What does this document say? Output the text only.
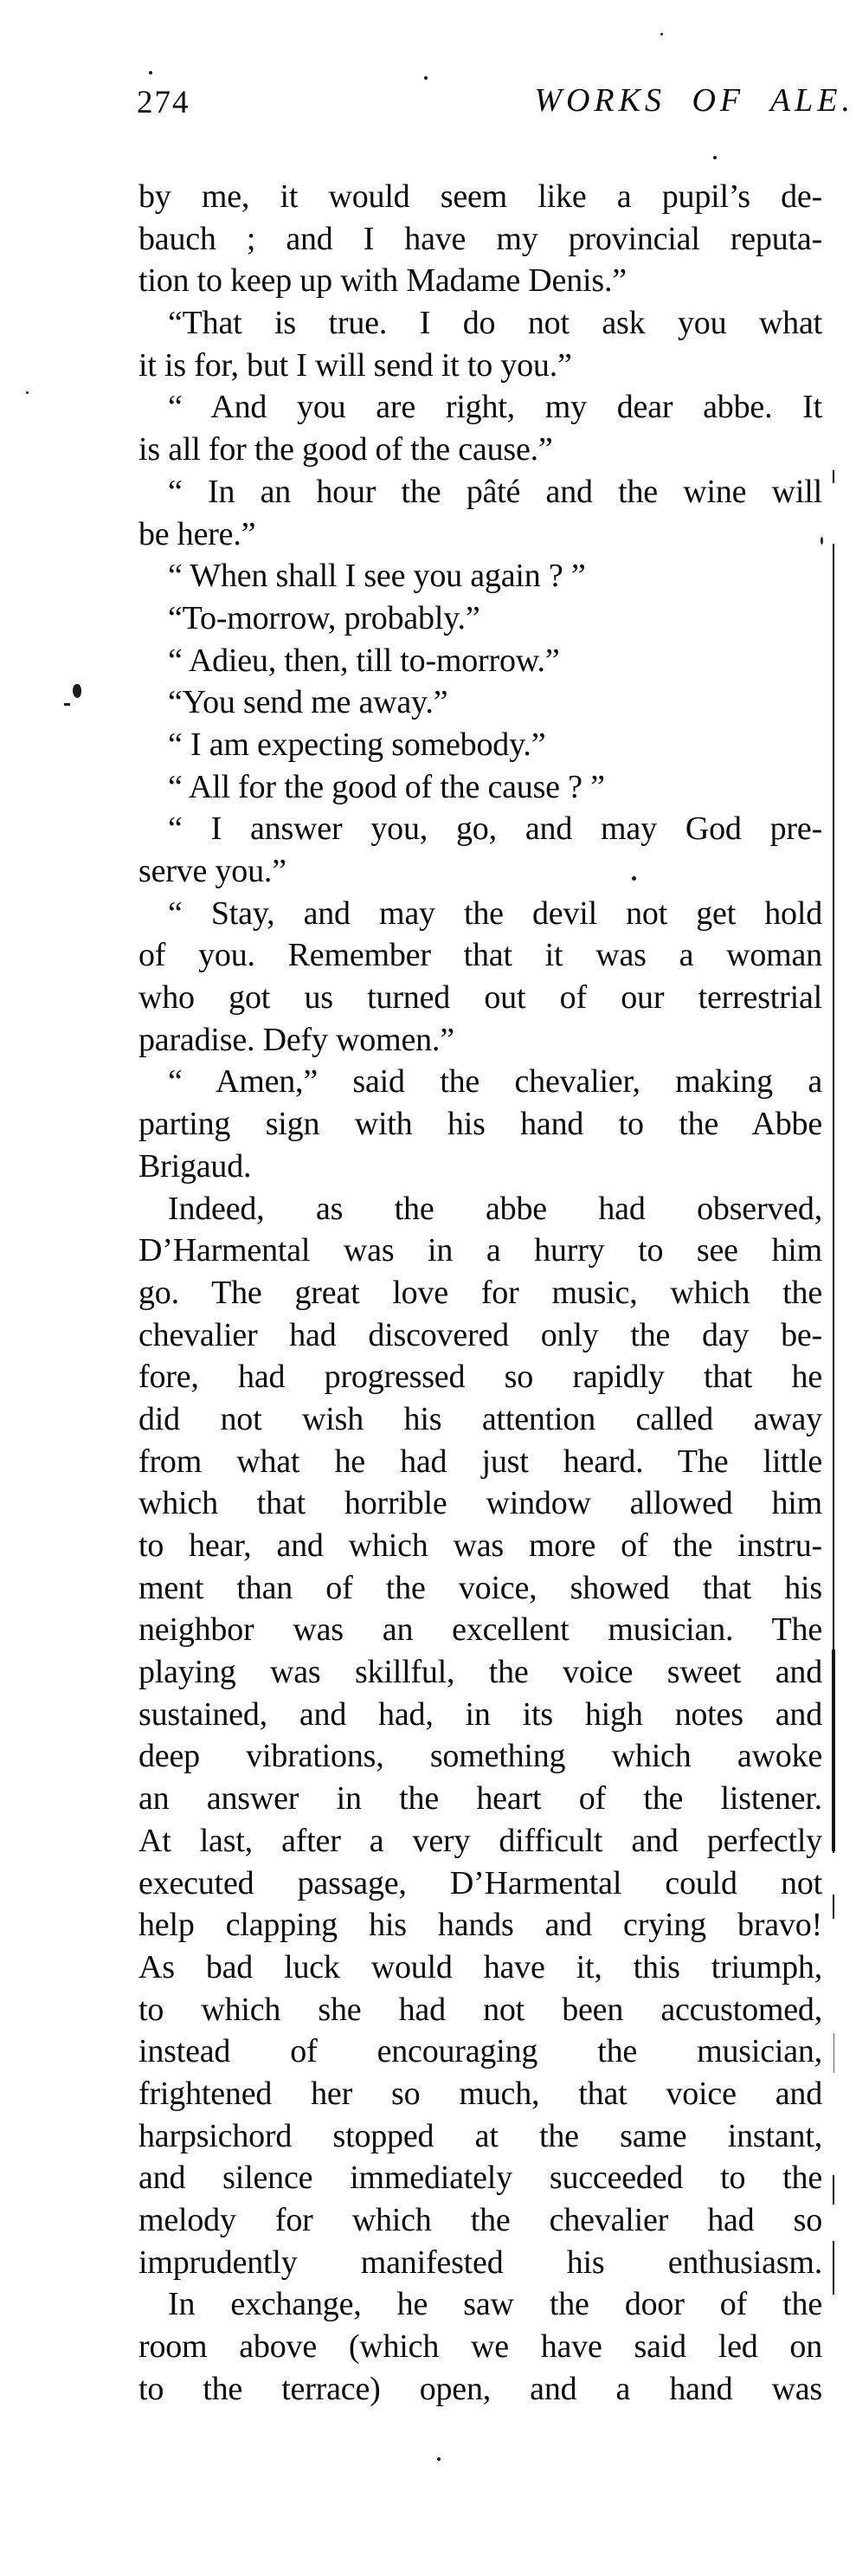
274	WORKS OF ALE.
by me, it would seem like a pupil’s de-
bauch ; and I have my provincial reputa-
tion to keep up with Madame Denis.”
“That is true. I do not ask you what
it is for, but I will send it to you.”
“ And you are right, my dear abbe. It
is all for the good of the cause.”
“ In an hour the pâté and the wine will
be here.”
“ When shall I see you again ? ”
“To-morrow, probably.”
“ Adieu, then, till to-morrow.”
“You send me away.”
“ I am expecting somebody.”
“ All for the good of the cause ? ”
“ I answer you, go, and may God pre-
serve you.”
“ Stay, and may the devil not get hold
of you. Remember that it was a woman
who got us turned out of our terrestrial
paradise. Defy women.”
“ Amen,” said the chevalier, making a
parting sign with his hand to the Abbe
Brigaud.
Indeed, as the abbe had observed,
D’Harmental was in a hurry to see him
go. The great love for music, which the
chevalier had discovered only the day be-
fore, had progressed so rapidly that he
did not wish his attention called away
from what he had just heard. The little
which that horrible window allowed him
to hear, and which was more of the instru-
ment than of the voice, showed that his
neighbor was an excellent musician. The
playing was skillful, the voice sweet and
sustained, and had, in its high notes and
deep vibrations, something which awoke
an answer in the heart of the listener.
At last, after a very difficult and perfectly
executed passage, D’Harmental could not
help clapping his hands and crying bravo!
As bad luck would have it, this triumph,
to which she had not been accustomed,
instead of encouraging the musician,
frightened her so much, that voice and
harpsichord stopped at the same instant,
and silence immediately succeeded to the
melody for which the chevalier had so
imprudently manifested his enthusiasm.
In exchange, he saw the door of the
room above (which we have said led on
to the terrace) open, and a hand was
